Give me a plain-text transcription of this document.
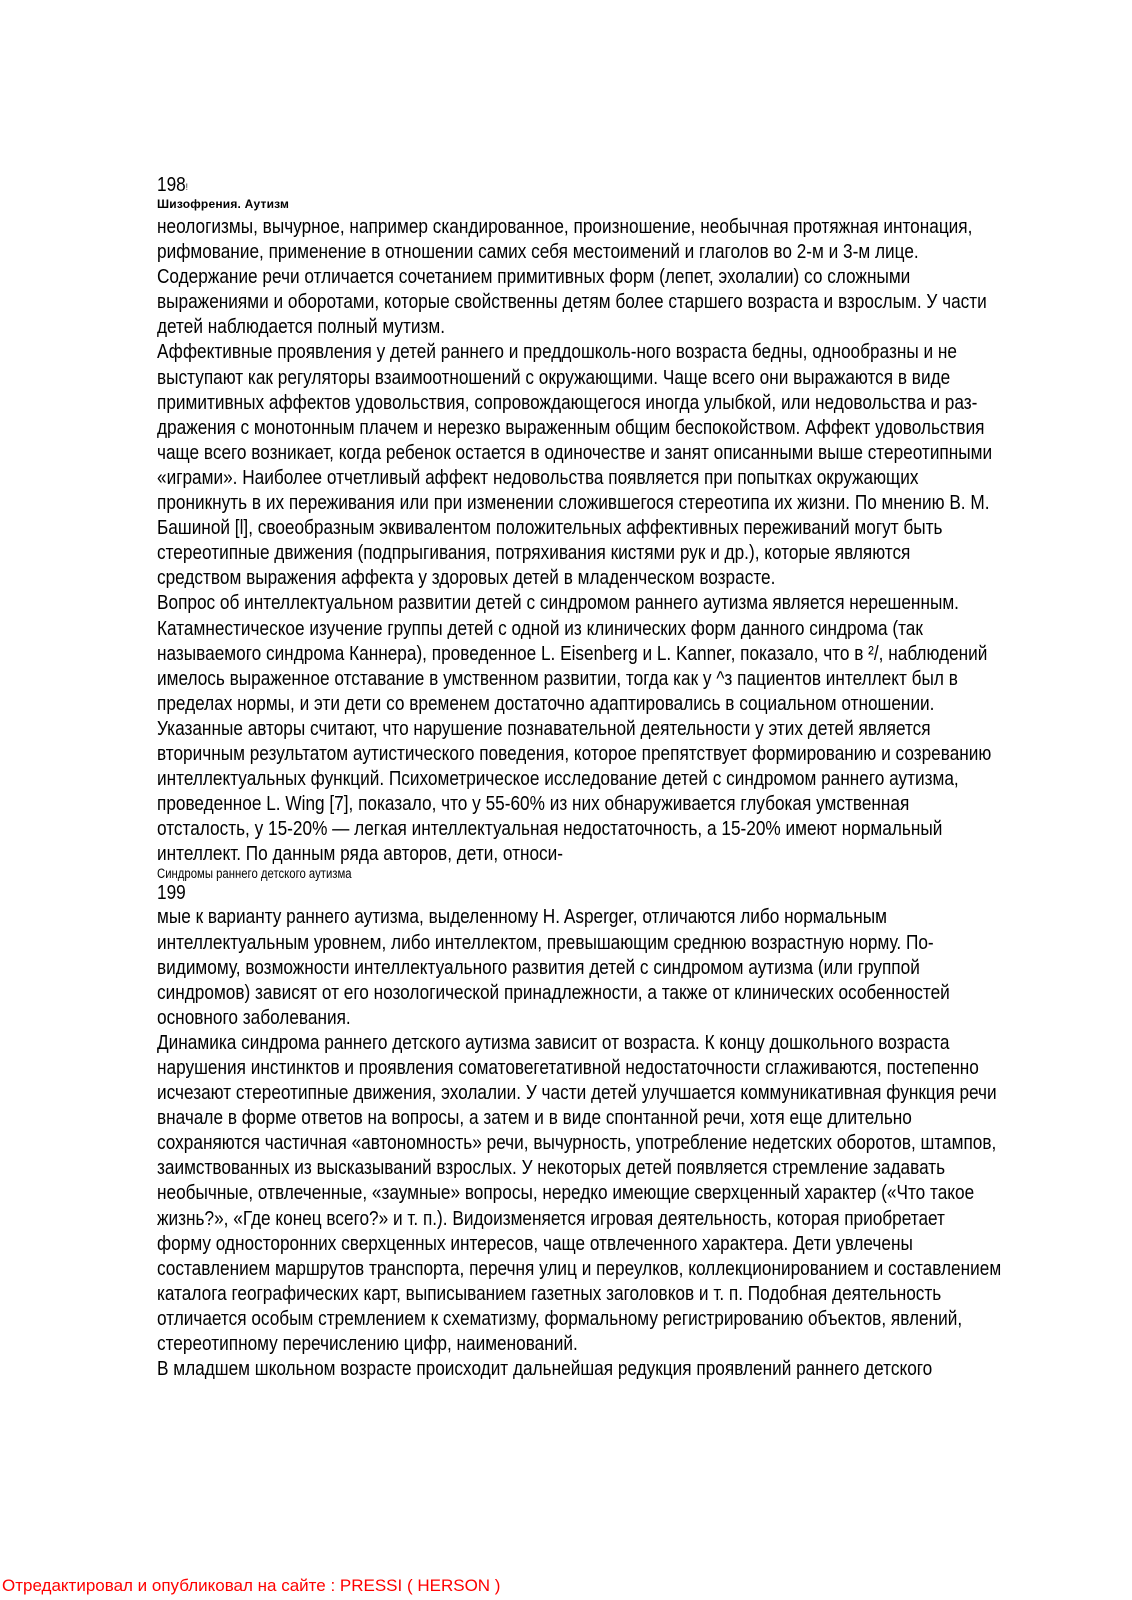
198!
Шизофрения. Аутизм
неологизмы, вычурное, например скандированное, произношение, необычная протяжная интонация,
рифмование, применение в отношении самих себя местоимений и глаголов во 2-м и 3-м лице.
Содержание речи отличается сочетанием примитивных форм (лепет, эхолалии) со сложными
выражениями и оборотами, которые свойственны детям более старшего возраста и взрослым. У части
детей наблюдается полный мутизм.
Аффективные проявления у детей раннего и преддошколь-ного возраста бедны, однообразны и не
выступают как регуляторы взаимоотношений с окружающими. Чаще всего они выражаются в виде
примитивных аффектов удовольствия, сопровождающегося иногда улыбкой, или недовольства и раз-
дражения с монотонным плачем и нерезко выраженным общим беспокойством. Аффект удовольствия
чаще всего возникает, когда ребенок остается в одиночестве и занят описанными выше стереотипными
«играми». Наиболее отчетливый аффект недовольства появляется при попытках окружающих
проникнуть в их переживания или при изменении сложившегося стереотипа их жизни. По мнению В. М.
Башиной [l], своеобразным эквивалентом положительных аффективных переживаний могут быть
стереотипные движения (подпрыгивания, потряхивания кистями рук и др.), которые являются
средством выражения аффекта у здоровых детей в младенческом возрасте.
Вопрос об интеллектуальном развитии детей с синдромом раннего аутизма является нерешенным.
Катамнестическое изучение группы детей с одной из клинических форм данного синдрома (так
называемого синдрома Каннера), проведенное L. Eisenberg и L. Kanner, показало, что в ²/, наблюдений
имелось выраженное отставание в умственном развитии, тогда как у ^з пациентов интеллект был в
пределах нормы, и эти дети со временем достаточно адаптировались в социальном отношении.
Указанные авторы считают, что нарушение познавательной деятельности у этих детей является
вторичным результатом аутистического поведения, которое препятствует формированию и созреванию
интеллектуальных функций. Психометрическое исследование детей с синдромом раннего аутизма,
проведенное L. Wing [7], показало, что у 55-60% из них обнаруживается глубокая умственная
отсталость, у 15-20% — легкая интеллектуальная недостаточность, а 15-20% имеют нормальный
интеллект. По данным ряда авторов, дети, относи-
Синдромы раннего детского аутизма
199
мые к варианту раннего аутизма, выделенному H. Asperger, отличаются либо нормальным
интеллектуальным уровнем, либо интеллектом, превышающим среднюю возрастную норму. По-
видимому, возможности интеллектуального развития детей с синдромом аутизма (или группой
синдромов) зависят от его нозологической принадлежности, а также от клинических особенностей
основного заболевания.
Динамика синдрома раннего детского аутизма зависит от возраста. К концу дошкольного возраста
нарушения инстинктов и проявления соматовегетативной недостаточности сглаживаются, постепенно
исчезают стереотипные движения, эхолалии. У части детей улучшается коммуникативная функция речи
вначале в форме ответов на вопросы, а затем и в виде спонтанной речи, хотя еще длительно
сохраняются частичная «автономность» речи, вычурность, употребление недетских оборотов, штампов,
заимствованных из высказываний взрослых. У некоторых детей появляется стремление задавать
необычные, отвлеченные, «заумные» вопросы, нередко имеющие сверхценный характер («Что такое
жизнь?», «Где конец всего?» и т. п.). Видоизменяется игровая деятельность, которая приобретает
форму односторонних сверхценных интересов, чаще отвлеченного характера. Дети увлечены
составлением маршрутов транспорта, перечня улиц и переулков, коллекционированием и составлением
каталога географических карт, выписыванием газетных заголовков и т. п. Подобная деятельность
отличается особым стремлением к схематизму, формальному регистрированию объектов, явлений,
стереотипному перечислению цифр, наименований.
В младшем школьном возрасте происходит дальнейшая редукция проявлений раннего детского
Отредактировал и опубликовал на сайте : PRESSI ( HERSON )
